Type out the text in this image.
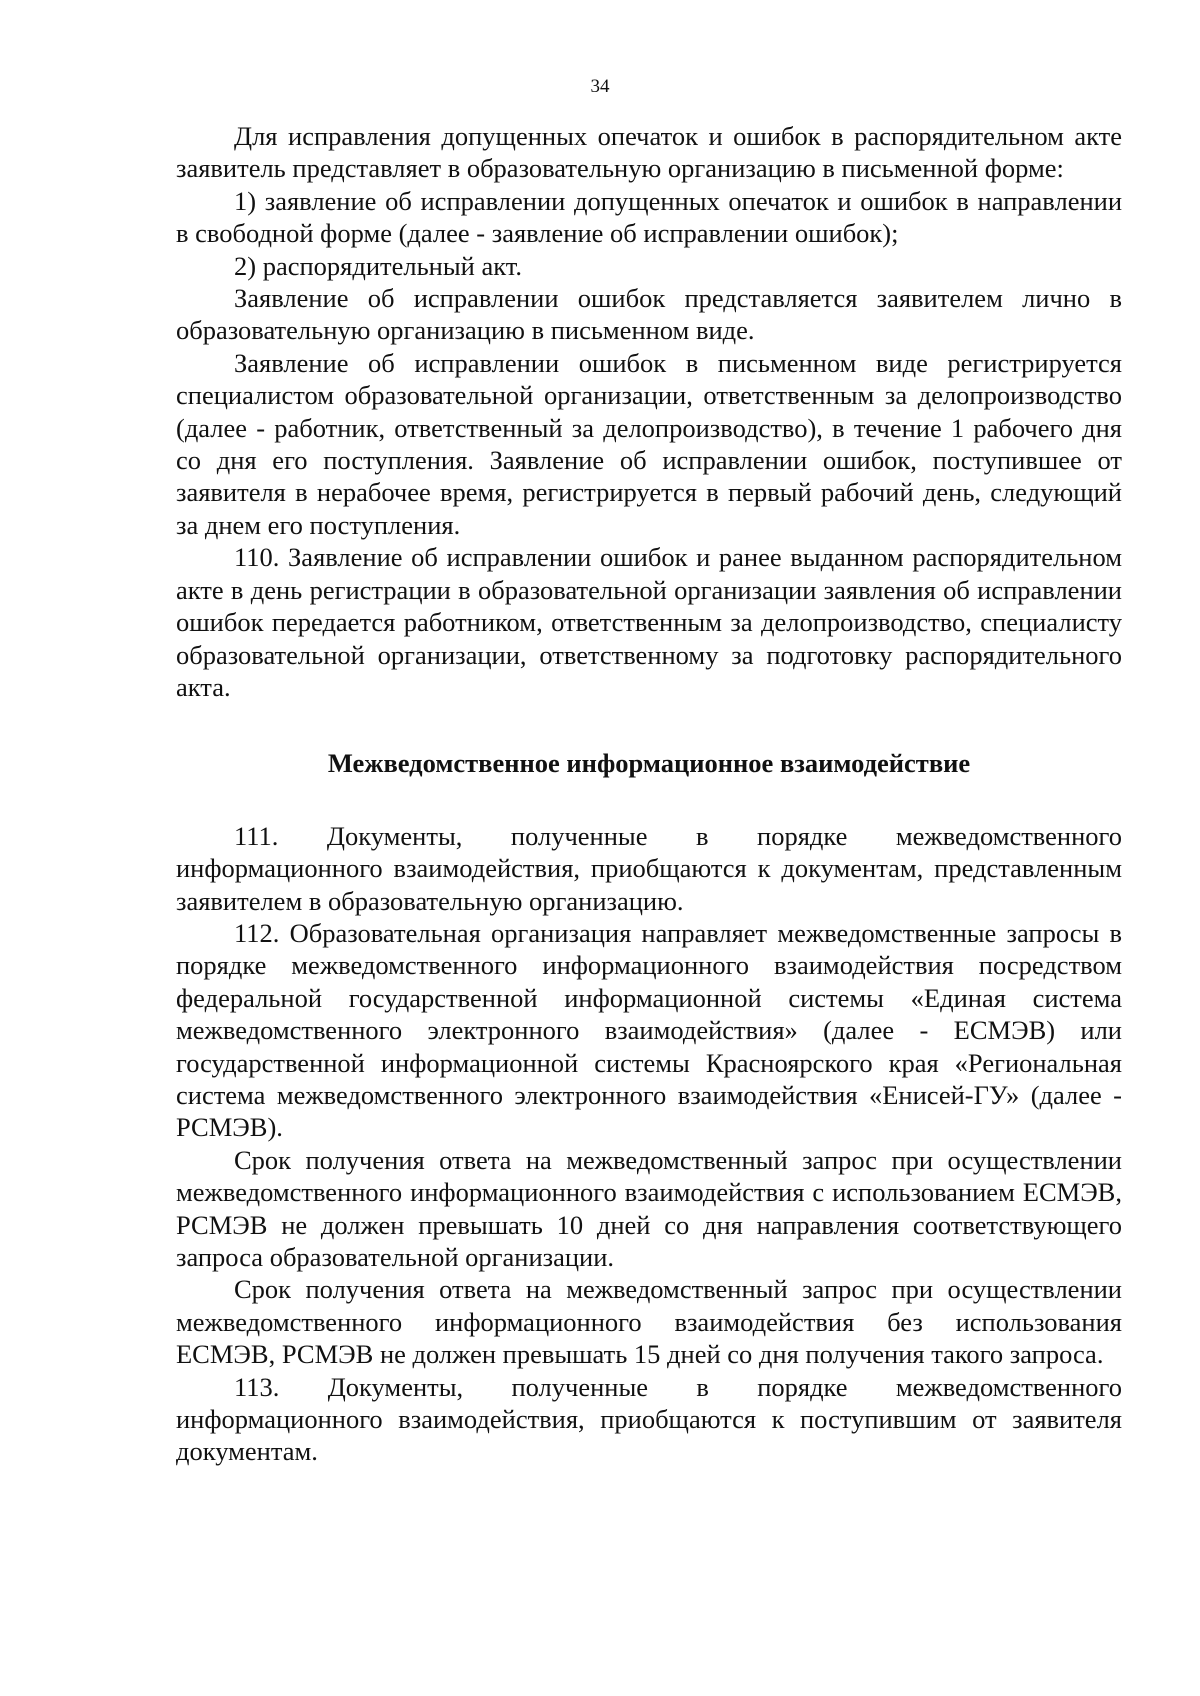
34

Для исправления допущенных опечаток и ошибок в распорядительном акте заявитель представляет в образовательную организацию в письменной форме:

1) заявление об исправлении допущенных опечаток и ошибок в направлении в свободной форме (далее - заявление об исправлении ошибок);

2) распорядительный акт.

Заявление об исправлении ошибок представляется заявителем лично в образовательную организацию в письменном виде.

Заявление об исправлении ошибок в письменном виде регистрируется специалистом образовательной организации, ответственным за делопроизводство (далее - работник, ответственный за делопроизводство), в течение 1 рабочего дня со дня его поступления. Заявление об исправлении ошибок, поступившее от заявителя в нерабочее время, регистрируется в первый рабочий день, следующий за днем его поступления.

110. Заявление об исправлении ошибок и ранее выданном распорядительном акте в день регистрации в образовательной организации заявления об исправлении ошибок передается работником, ответственным за делопроизводство, специалисту образовательной организации, ответственному за подготовку распорядительного акта.

Межведомственное информационное взаимодействие

111. Документы, полученные в порядке межведомственного информационного взаимодействия, приобщаются к документам, представленным заявителем в образовательную организацию.

112. Образовательная организация направляет межведомственные запросы в порядке межведомственного информационного взаимодействия посредством федеральной государственной информационной системы «Единая система межведомственного электронного взаимодействия» (далее - ЕСМЭВ) или государственной информационной системы Красноярского края «Региональная система межведомственного электронного взаимодействия «Енисей-ГУ» (далее - РСМЭВ).

Срок получения ответа на межведомственный запрос при осуществлении межведомственного информационного взаимодействия с использованием ЕСМЭВ, РСМЭВ не должен превышать 10 дней со дня направления соответствующего запроса образовательной организации.

Срок получения ответа на межведомственный запрос при осуществлении межведомственного информационного взаимодействия без использования ЕСМЭВ, РСМЭВ не должен превышать 15 дней со дня получения такого запроса.

113. Документы, полученные в порядке межведомственного информационного взаимодействия, приобщаются к поступившим от заявителя документам.
